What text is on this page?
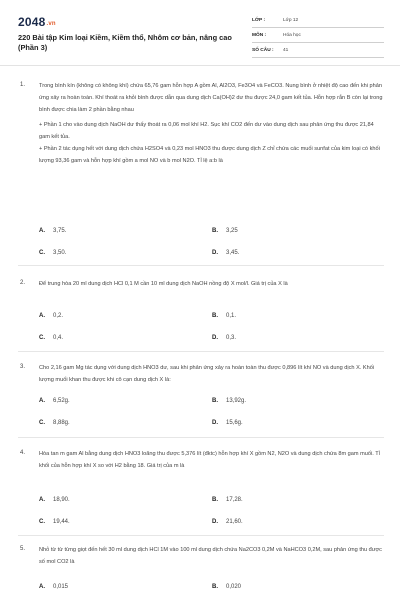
2048.vn
220 Bài tập Kim loại Kiềm, Kiềm thổ, Nhôm cơ bản, nâng cao (Phần 3)
LỚP :	Lớp 12
MÔN :	Hóa học
SỐ CÂU :	41
1. Trong bình kín (không có không khí) chứa 65,76 gam hỗn hợp A gồm Al, Al2O3, Fe3O4 và FeCO3. Nung bình ở nhiệt độ cao đến khi phản ứng xảy ra hoàn toàn. Khí thoát ra khỏi bình được dẫn qua dung dịch Ca(OH)2 dư thu được 24,0 gam kết tủa. Hỗn hợp rắn B còn lại trong bình được chia làm 2 phần bằng nhau

+ Phần 1 cho vào dung dịch NaOH dư thấy thoát ra 0,06 mol khí H2. Sục khí CO2 đến dư vào dung dịch sau phản ứng thu được 21,84 gam kết tủa.

+ Phần 2 tác dụng hết với dung dịch chứa H2SO4 và 0,23 mol HNO3 thu được dung dịch Z chỉ chứa các muối sunfat của kim loại có khối lượng 93,36 gam và hỗn hợp khí gồm a mol NO và b mol N2O. Tỉ lệ a:b là

A. 3,75.	B. 3,25
C. 3,50.	D. 3,45.
2. Để trung hòa 20 ml dung dịch HCl 0,1 M cần 10 ml dung dịch NaOH nồng độ X mol/l. Giá trị của X là

A. 0,2.	B. 0,1.
C. 0,4.	D. 0,3.
3. Cho 2,16 gam Mg tác dụng với dung dịch HNO3 dư, sau khi phản ứng xảy ra hoàn toàn thu được 0,896 lít khí NO và dung dịch X. Khối lượng muối khan thu được khi cô cạn dung dịch X là:

A. 6,52g.	B. 13,92g.
C. 8,88g.	D. 15,6g.
4. Hòa tan m gam Al bằng dung dịch HNO3 loãng thu được 5,376 lít (đktc) hỗn hợp khí X gồm N2, N2O và dung dịch chứa 8m gam muối. Tỉ khối của hỗn hợp khí X so với H2 bằng 18. Giá trị của m là

A. 18,90.	B. 17,28.
C. 19,44.	D. 21,60.
5. Nhỏ từ từ từng giọt đến hết 30 ml dung dịch HCl 1M vào 100 ml dung dịch chứa Na2CO3 0,2M và NaHCO3 0,2M, sau phản ứng thu được số mol CO2 là

A. 0,015	B. 0,020
